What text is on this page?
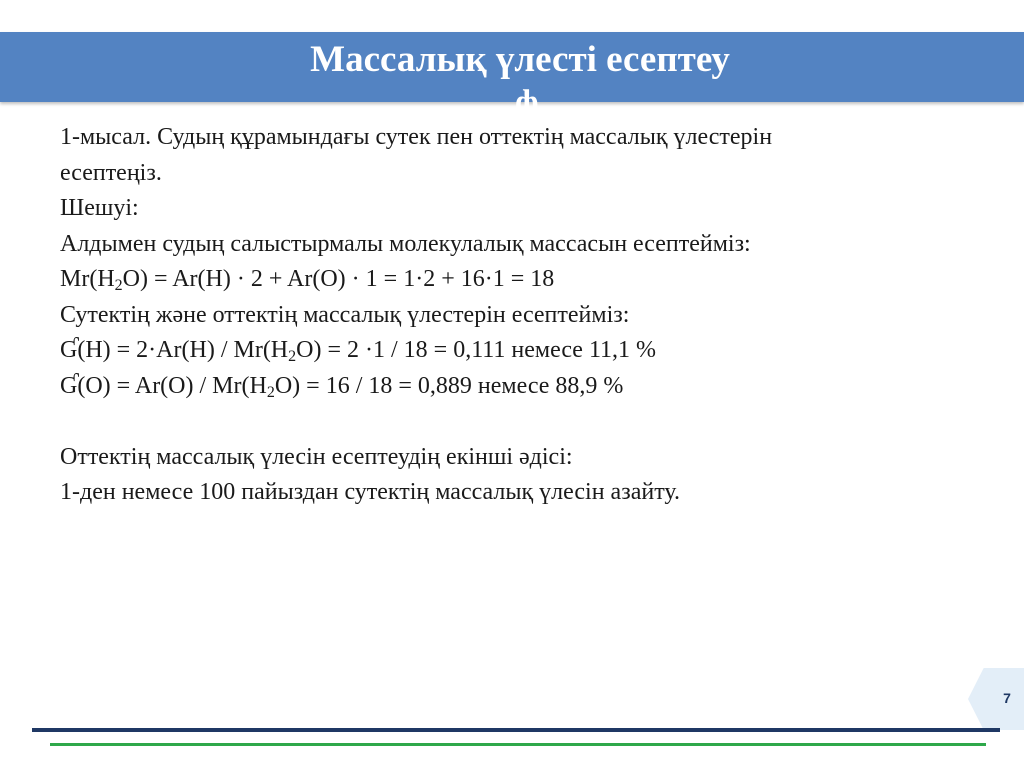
Массалық үлесті есептеу
1-мысал. Судың құрамындағы сутек пен оттектің массалық үлестерін
есептеңіз.
Шешуі:
Алдымен судың салыстырмалы молекулалық массасын есептейміз:
$Mr(H_2O) = Ar(H) \cdot 2 + Ar(O) \cdot 1 = 1\cdot 2 + 16\cdot 1 = 18$
Сутектің және оттектің массалық үлестерін есептейміз:
Ɠ(H) = $2\cdot Ar(H) / Mr(H_2O) = 2 \cdot 1 / 18 = 0,111$ немесе 11,1 %
Ɠ(O) = $Ar(O) / Mr(H_2O) = 16 / 18 = 0,889$ немесе 88,9 %
Оттектің массалық үлесін есептеудің екінші әдісі:
1-ден немесе 100 пайыздан сутектің массалық үлесін азайту.
7
